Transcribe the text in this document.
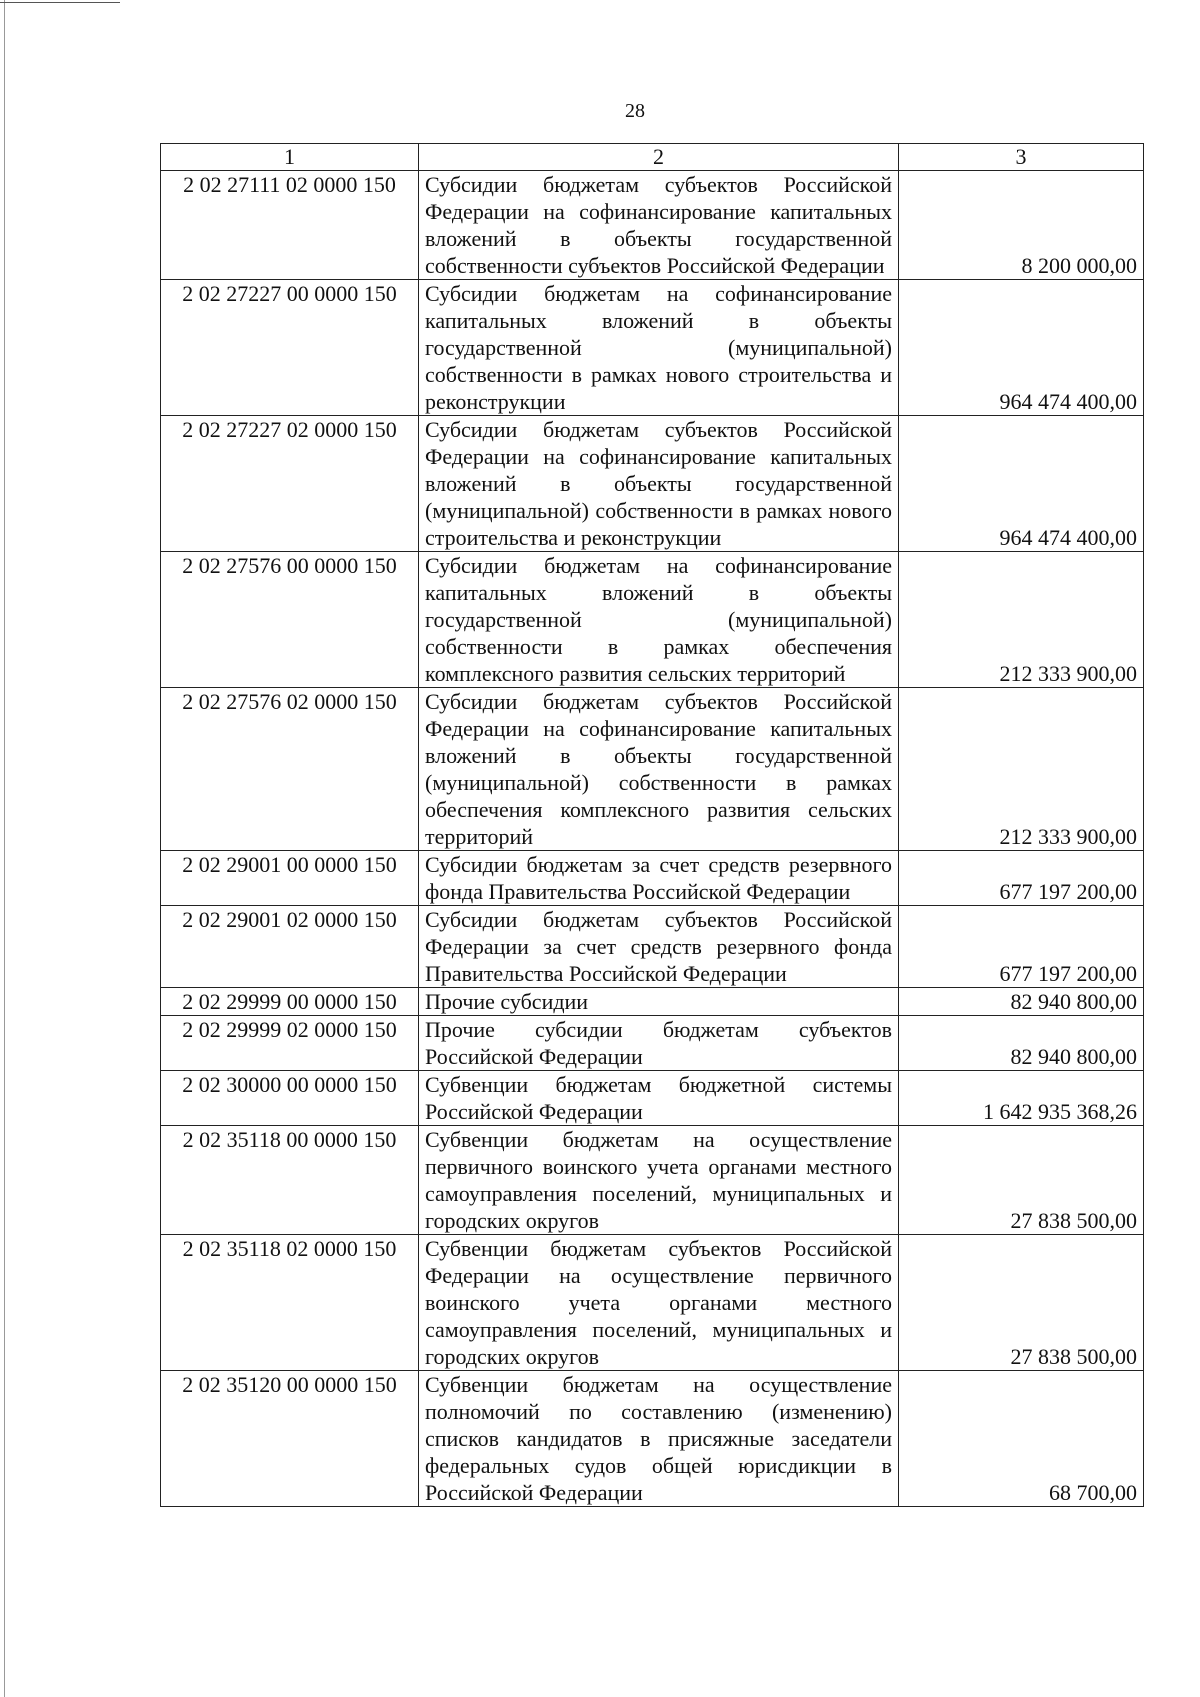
28
1	2	3
2 02 27111 02 0000 150	Субсидии бюджетам субъектов Российской Федерации на софинансирование капитальных вложений в объекты государственной собственности субъектов Российской Федерации	8 200 000,00
2 02 27227 00 0000 150	Субсидии бюджетам на софинансирование капитальных вложений в объекты государственной (муниципальной) собственности в рамках нового строительства и реконструкции	964 474 400,00
2 02 27227 02 0000 150	Субсидии бюджетам субъектов Российской Федерации на софинансирование капитальных вложений в объекты государственной (муниципальной) собственности в рамках нового строительства и реконструкции	964 474 400,00
2 02 27576 00 0000 150	Субсидии бюджетам на софинансирование капитальных вложений в объекты государственной (муниципальной) собственности в рамках обеспечения комплексного развития сельских территорий	212 333 900,00
2 02 27576 02 0000 150	Субсидии бюджетам субъектов Российской Федерации на софинансирование капитальных вложений в объекты государственной (муниципальной) собственности в рамках обеспечения комплексного развития сельских территорий	212 333 900,00
2 02 29001 00 0000 150	Субсидии бюджетам за счет средств резервного фонда Правительства Российской Федерации	677 197 200,00
2 02 29001 02 0000 150	Субсидии бюджетам субъектов Российской Федерации за счет средств резервного фонда Правительства Российской Федерации	677 197 200,00
2 02 29999 00 0000 150	Прочие субсидии	82 940 800,00
2 02 29999 02 0000 150	Прочие субсидии бюджетам субъектов Российской Федерации	82 940 800,00
2 02 30000 00 0000 150	Субвенции бюджетам бюджетной системы Российской Федерации	1 642 935 368,26
2 02 35118 00 0000 150	Субвенции бюджетам на осуществление первичного воинского учета органами местного самоуправления поселений, муниципальных и городских округов	27 838 500,00
2 02 35118 02 0000 150	Субвенции бюджетам субъектов Российской Федерации на осуществление первичного воинского учета органами местного самоуправления поселений, муниципальных и городских округов	27 838 500,00
2 02 35120 00 0000 150	Субвенции бюджетам на осуществление полномочий по составлению (изменению) списков кандидатов в присяжные заседатели федеральных судов общей юрисдикции в Российской Федерации	68 700,00
